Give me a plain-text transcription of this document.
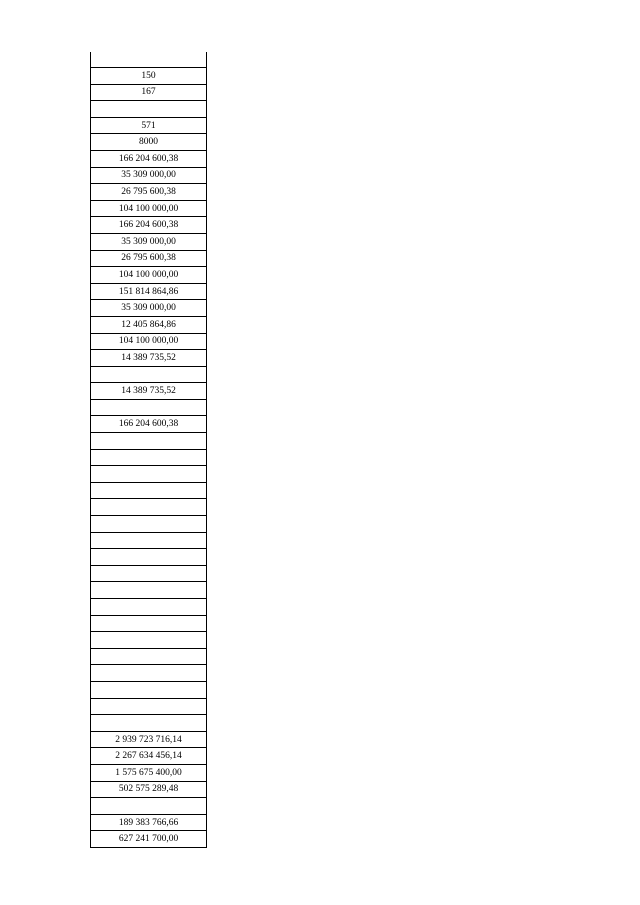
150
167
571
8000
166 204 600,38
35 309 000,00
26 795 600,38
104 100 000,00
166 204 600,38
35 309 000,00
26 795 600,38
104 100 000,00
151 814 864,86
35 309 000,00
12 405 864,86
104 100 000,00
14 389 735,52
14 389 735,52
166 204 600,38
2 939 723 716,14
2 267 634 456,14
1 575 675 400,00
502 575 289,48
189 383 766,66
627 241 700,00
